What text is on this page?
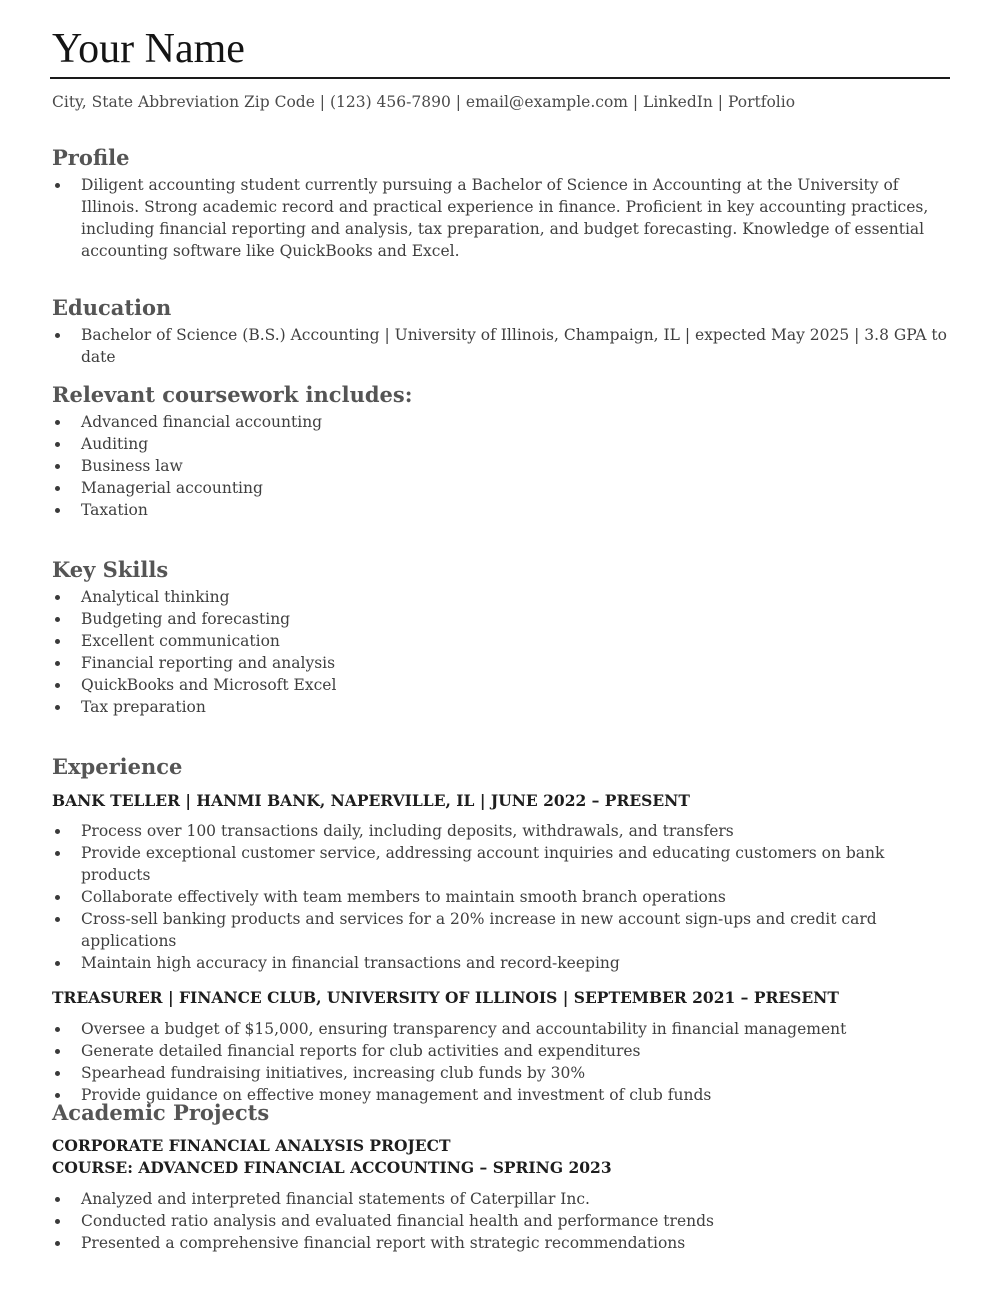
Your Name
City, State Abbreviation Zip Code | (123) 456-7890 | email@example.com | LinkedIn | Portfolio
Profile
Diligent accounting student currently pursuing a Bachelor of Science in Accounting at the University of Illinois. Strong academic record and practical experience in finance. Proficient in key accounting practices, including financial reporting and analysis, tax preparation, and budget forecasting. Knowledge of essential accounting software like QuickBooks and Excel.
Education
Bachelor of Science (B.S.) Accounting | University of Illinois, Champaign, IL | expected May 2025 | 3.8 GPA to date
Relevant coursework includes:
Advanced financial accounting
Auditing
Business law
Managerial accounting
Taxation
Key Skills
Analytical thinking
Budgeting and forecasting
Excellent communication
Financial reporting and analysis
QuickBooks and Microsoft Excel
Tax preparation
Experience
BANK TELLER | HANMI BANK, NAPERVILLE, IL | JUNE 2022 – PRESENT
Process over 100 transactions daily, including deposits, withdrawals, and transfers
Provide exceptional customer service, addressing account inquiries and educating customers on bank products
Collaborate effectively with team members to maintain smooth branch operations
Cross-sell banking products and services for a 20% increase in new account sign-ups and credit card applications
Maintain high accuracy in financial transactions and record-keeping
TREASURER | FINANCE CLUB, UNIVERSITY OF ILLINOIS | SEPTEMBER 2021 – PRESENT
Oversee a budget of $15,000, ensuring transparency and accountability in financial management
Generate detailed financial reports for club activities and expenditures
Spearhead fundraising initiatives, increasing club funds by 30%
Provide guidance on effective money management and investment of club funds
Academic Projects
CORPORATE FINANCIAL ANALYSIS PROJECT
COURSE: ADVANCED FINANCIAL ACCOUNTING – SPRING 2023
Analyzed and interpreted financial statements of Caterpillar Inc.
Conducted ratio analysis and evaluated financial health and performance trends
Presented a comprehensive financial report with strategic recommendations
